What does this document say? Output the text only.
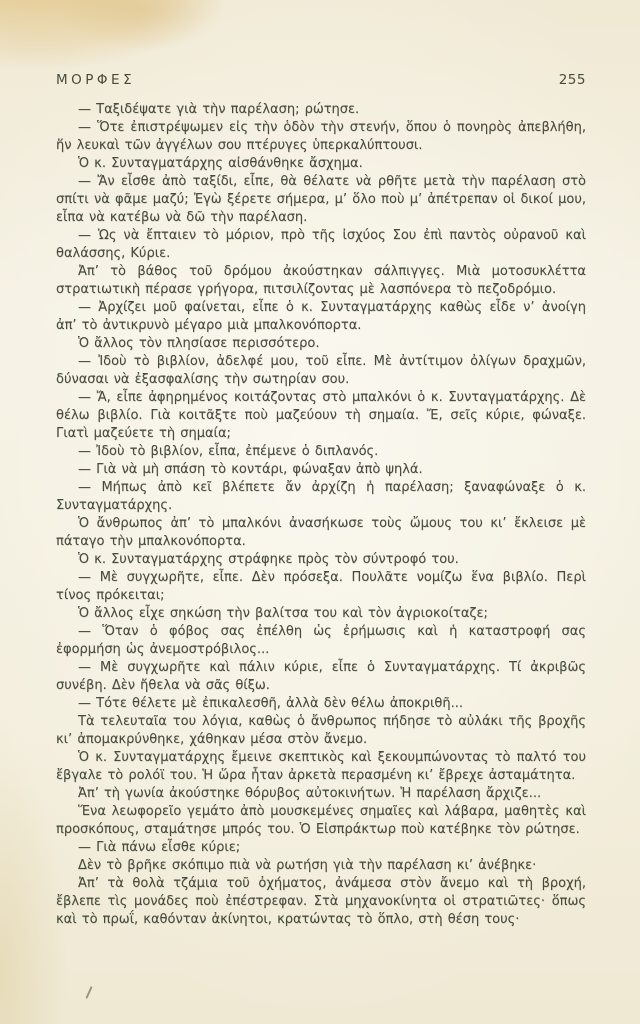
ΜΟΡΦΕΣ	255

— Ταξιδέψατε γιὰ τὴν παρέλαση; ρώτησε.

— Ὅτε ἐπιστρέψωμεν εἰς τὴν ὁδὸν τὴν στενήν, ὅπου ὁ πονηρὸς ἀπεβλήθη, ἥν λευκαὶ τῶν ἀγγέλων σου πτέρυγες ὑπερκαλύπτουσι.

Ὁ κ. Συνταγματάρχης αἰσθάνθηκε ἄσχημα.

— Ἄν εἶσθε ἀπὸ ταξίδι, εἶπε, θὰ θέλατε νὰ ρθῆτε μετὰ τὴν παρέλαση στὸ σπίτι νὰ φᾶμε μαζύ; Ἐγὼ ξέρετε σήμερα, μ’ ὅλο ποὺ μ’ ἀπέτρεπαν οἱ δικοί μου, εἶπα νὰ κατέβω νὰ δῶ τὴν παρέλαση.

— Ὡς νὰ ἔπταιεν τὸ μόριον, πρὸ τῆς ἰσχύος Σου ἐπὶ παντὸς οὐρανοῦ καὶ θαλάσσης, Κύριε.

Ἀπ’ τὸ βάθος τοῦ δρόμου ἀκούστηκαν σάλπιγγες. Μιὰ μοτοσυκλέττα στρατιωτικὴ πέρασε γρήγορα, πιτσιλίζοντας μὲ λασπόνερα τὸ πεζοδρόμιο.

— Ἀρχίζει μοῦ φαίνεται, εἶπε ὁ κ. Συνταγματάρχης καθὼς εἶδε ν’ ἀνοίγη ἀπ’ τὸ ἀντικρυνὸ μέγαρο μιὰ μπαλκονόπορτα.

Ὁ ἄλλος τὸν πλησίασε περισσότερο.

— Ἰδοὺ τὸ βιβλίον, ἀδελφέ μου, τοῦ εἶπε. Μὲ ἀντίτιμον ὀλίγων δραχμῶν, δύνασαι νὰ ἐξασφαλίσης τὴν σωτηρίαν σου.

— Ἄ, εἶπε ἀφηρημένος κοιτάζοντας στὸ μπαλκόνι ὁ κ. Συνταγματάρχης. Δὲ θέλω βιβλίο. Γιὰ κοιτᾶξτε ποὺ μαζεύουν τὴ σημαία. Ἔ, σεῖς κύριε, φώναξε. Γιατὶ μαζεύετε τὴ σημαία;

— Ἰδοὺ τὸ βιβλίον, εἶπα, ἐπέμενε ὁ διπλανός.

— Γιὰ νὰ μὴ σπάση τὸ κοντάρι, φώναξαν ἀπὸ ψηλά.

— Μήπως ἀπὸ κεῖ βλέπετε ἄν ἀρχίζη ἡ παρέλαση; ξαναφώναξε ὁ κ. Συνταγματάρχης.

Ὁ ἄνθρωπος ἀπ’ τὸ μπαλκόνι ἀνασήκωσε τοὺς ὤμους του κι’ ἔκλεισε μὲ πάταγο τὴν μπαλκονόπορτα.

Ὁ κ. Συνταγματάρχης στράφηκε πρὸς τὸν σύντροφό του.

— Μὲ συγχωρῆτε, εἶπε. Δὲν πρόσεξα. Πουλᾶτε νομίζω ἕνα βιβλίο. Περὶ τίνος πρόκειται;

Ὁ ἄλλος εἶχε σηκώση τὴν βαλίτσα του καὶ τὸν ἀγριοκοίταζε;

— Ὅταν ὁ φόβος σας ἐπέλθη ὡς ἐρήμωσις καὶ ἡ καταστροφή σας ἐφορμήση ὡς ἀνεμοστρόβιλος...

— Μὲ συγχωρῆτε καὶ πάλιν κύριε, εἶπε ὁ Συνταγματάρχης. Τί ἀκριβῶς συνέβη. Δὲν ἤθελα νὰ σᾶς θίξω.

— Τότε θέλετε μὲ ἐπικαλεσθῆ, ἀλλὰ δὲν θέλω ἀποκριθῆ...

Τὰ τελευταῖα του λόγια, καθὼς ὁ ἄνθρωπος πήδησε τὸ αὐλάκι τῆς βροχῆς κι’ ἀπομακρύνθηκε, χάθηκαν μέσα στὸν ἄνεμο.

Ὁ κ. Συνταγματάρχης ἔμεινε σκεπτικὸς καὶ ξεκουμπώνοντας τὸ παλτό του ἔβγαλε τὸ ρολόϊ του. Ἡ ὥρα ἦταν ἀρκετὰ περασμένη κι’ ἔβρεχε ἀσταμάτητα.

Ἀπ’ τὴ γωνία ἀκούστηκε θόρυβος αὐτοκινήτων. Ἡ παρέλαση ἄρχιζε...

Ἕνα λεωφορεῖο γεμάτο ἀπὸ μουσκεμένες σημαῖες καὶ λάβαρα, μαθητὲς καὶ προσκόπους, σταμάτησε μπρός του. Ὁ Εἰσπράκτωρ ποὺ κατέβηκε τὸν ρώτησε.

— Γιὰ πάνω εἶσθε κύριε;

Δὲν τὸ βρῆκε σκόπιμο πιὰ νὰ ρωτήση γιὰ τὴν παρέλαση κι’ ἀνέβηκε·

Ἀπ’ τὰ θολὰ τζάμια τοῦ ὀχήματος, ἀνάμεσα στὸν ἄνεμο καὶ τὴ βροχή, ἔβλεπε τὶς μονάδες ποὺ ἐπέστρεφαν. Στὰ μηχανοκίνητα οἱ στρατιῶτες· ὅπως καὶ τὸ πρωΐ, καθόνταν ἀκίνητοι, κρατώντας τὸ ὅπλο, στὴ θέση τους·
